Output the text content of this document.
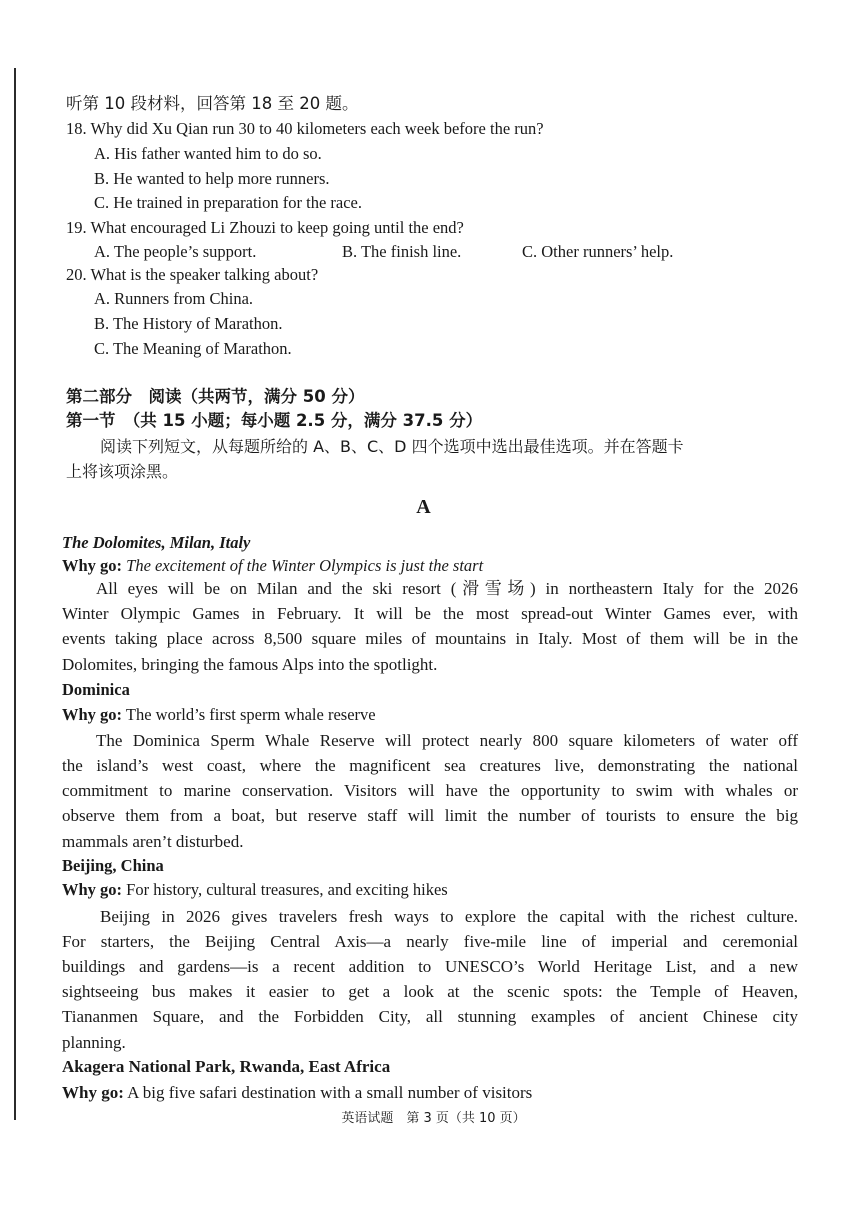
听第 10 段材料，回答第 18 至 20 题。
18. Why did Xu Qian run 30 to 40 kilometers each week before the run?
A. His father wanted him to do so.
B. He wanted to help more runners.
C. He trained in preparation for the race.
19. What encouraged Li Zhouzi to keep going until the end?
A. The people’s support.	B. The finish line.	C. Other runners’ help.
20. What is the speaker talking about?
A. Runners from China.
B. The History of Marathon.
C. The Meaning of Marathon.
第二部分　阅读（共两节，满分 50 分）
第一节　（共 15 小题；每小题 2.5 分，满分 37.5 分）
阅读下列短文，从每题所给的 A、B、C、D 四个选项中选出最佳选项。并在答题卡
上将该项涂黑。
A
The Dolomites, Milan, Italy
Why go: The excitement of the Winter Olympics is just the start
All eyes will be on Milan and the ski resort (滑雪场) in northeastern Italy for the 2026
Winter Olympic Games in February. It will be the most spread-out Winter Games ever, with
events taking place across 8,500 square miles of mountains in Italy. Most of them will be in the
Dolomites, bringing the famous Alps into the spotlight.
Dominica
Why go: The world’s first sperm whale reserve
The Dominica Sperm Whale Reserve will protect nearly 800 square kilometers of water off
the island’s west coast, where the magnificent sea creatures live, demonstrating the national
commitment to marine conservation. Visitors will have the opportunity to swim with whales or
observe them from a boat, but reserve staff will limit the number of tourists to ensure the big
mammals aren’t disturbed.
Beijing, China
Why go: For history, cultural treasures, and exciting hikes
Beijing in 2026 gives travelers fresh ways to explore the capital with the richest culture.
For starters, the Beijing Central Axis—a nearly five-mile line of imperial and ceremonial
buildings and gardens—is a recent addition to UNESCO’s World Heritage List, and a new
sightseeing bus makes it easier to get a look at the scenic spots: the Temple of Heaven,
Tiananmen Square, and the Forbidden City, all stunning examples of ancient Chinese city
planning.
Akagera National Park, Rwanda, East Africa
Why go: A big five safari destination with a small number of visitors
英语试题　第 3 页（共 10 页）
